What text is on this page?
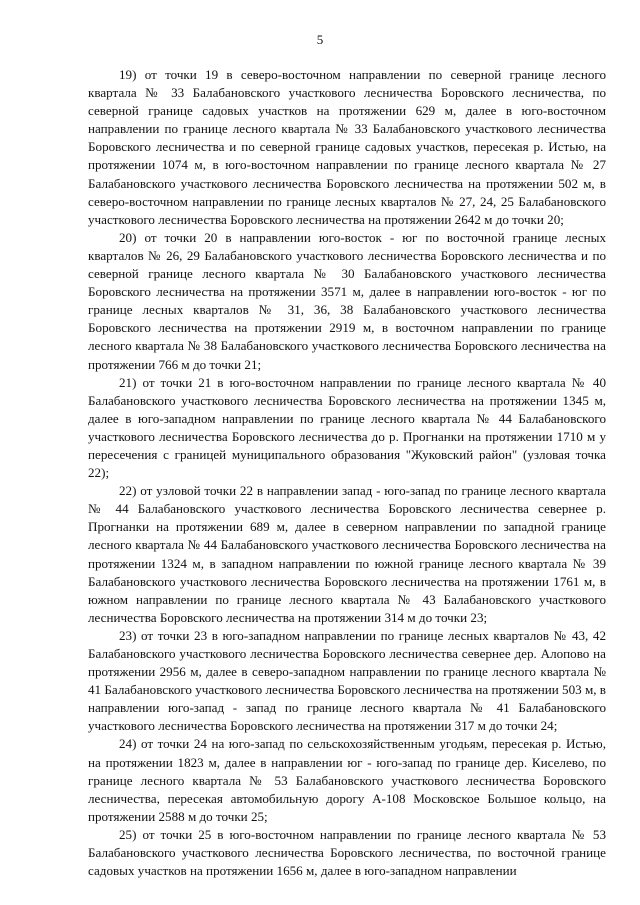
5

19) от точки 19 в северо-восточном направлении по северной границе лесного квартала № 33 Балабановского участкового лесничества Боровского лесничества, по северной границе садовых участков на протяжении 629 м, далее в юго-восточном направлении по границе лесного квартала № 33 Балабановского участкового лесничества Боровского лесничества и по северной границе садовых участков, пересекая р. Истью, на протяжении 1074 м, в юго-восточном направлении по границе лесного квартала № 27 Балабановского участкового лесничества Боровского лесничества на протяжении 502 м, в северо-восточном направлении по границе лесных кварталов № 27, 24, 25 Балабановского участкового лесничества Боровского лесничества на протяжении 2642 м до точки 20;

20) от точки 20 в направлении юго-восток - юг по восточной границе лесных кварталов № 26, 29 Балабановского участкового лесничества Боровского лесничества и по северной границе лесного квартала № 30 Балабановского участкового лесничества Боровского лесничества на протяжении 3571 м, далее в направлении юго-восток - юг по границе лесных кварталов № 31, 36, 38 Балабановского участкового лесничества Боровского лесничества на протяжении 2919 м, в восточном направлении по границе лесного квартала № 38 Балабановского участкового лесничества Боровского лесничества на протяжении 766 м до точки 21;

21) от точки 21 в юго-восточном направлении по границе лесного квартала № 40 Балабановского участкового лесничества Боровского лесничества на протяжении 1345 м, далее в юго-западном направлении по границе лесного квартала № 44 Балабановского участкового лесничества Боровского лесничества до р. Прогнанки на протяжении 1710 м у пересечения с границей муниципального образования "Жуковский район" (узловая точка 22);

22) от узловой точки 22 в направлении запад - юго-запад по границе лесного квартала № 44 Балабановского участкового лесничества Боровского лесничества севернее р. Прогнанки на протяжении 689 м, далее в северном направлении по западной границе лесного квартала № 44 Балабановского участкового лесничества Боровского лесничества на протяжении 1324 м, в западном направлении по южной границе лесного квартала № 39 Балабановского участкового лесничества Боровского лесничества на протяжении 1761 м, в южном направлении по границе лесного квартала № 43 Балабановского участкового лесничества Боровского лесничества на протяжении 314 м до точки 23;

23) от точки 23 в юго-западном направлении по границе лесных кварталов № 43, 42 Балабановского участкового лесничества Боровского лесничества севернее дер. Алопово на протяжении 2956 м, далее в северо-западном направлении по границе лесного квартала № 41 Балабановского участкового лесничества Боровского лесничества на протяжении 503 м, в направлении юго-запад - запад по границе лесного квартала № 41 Балабановского участкового лесничества Боровского лесничества на протяжении 317 м до точки 24;

24) от точки 24 на юго-запад по сельскохозяйственным угодьям, пересекая р. Истью, на протяжении 1823 м, далее в направлении юг - юго-запад по границе дер. Киселево, по границе лесного квартала № 53 Балабановского участкового лесничества Боровского лесничества, пересекая автомобильную дорогу А-108 Московское Большое кольцо, на протяжении 2588 м до точки 25;

25) от точки 25 в юго-восточном направлении по границе лесного квартала № 53 Балабановского участкового лесничества Боровского лесничества, по восточной границе садовых участков на протяжении 1656 м, далее в юго-западном направлении
